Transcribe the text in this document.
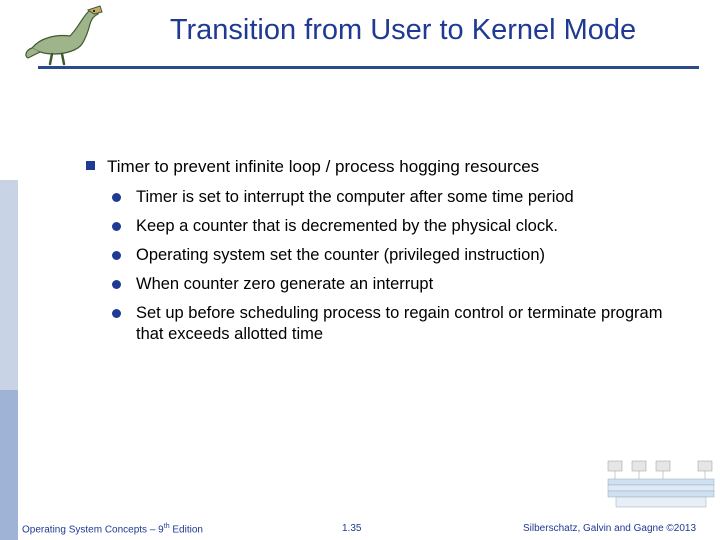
Transition from User to Kernel Mode
Timer to prevent infinite loop / process hogging resources
Timer is set to interrupt the computer after some time period
Keep a counter that is decremented by the physical clock.
Operating system set the counter (privileged instruction)
When counter zero generate an interrupt
Set up before scheduling process to regain control or terminate program that exceeds allotted time
Operating System Concepts – 9th Edition	1.35	Silberschatz, Galvin and Gagne ©2013
